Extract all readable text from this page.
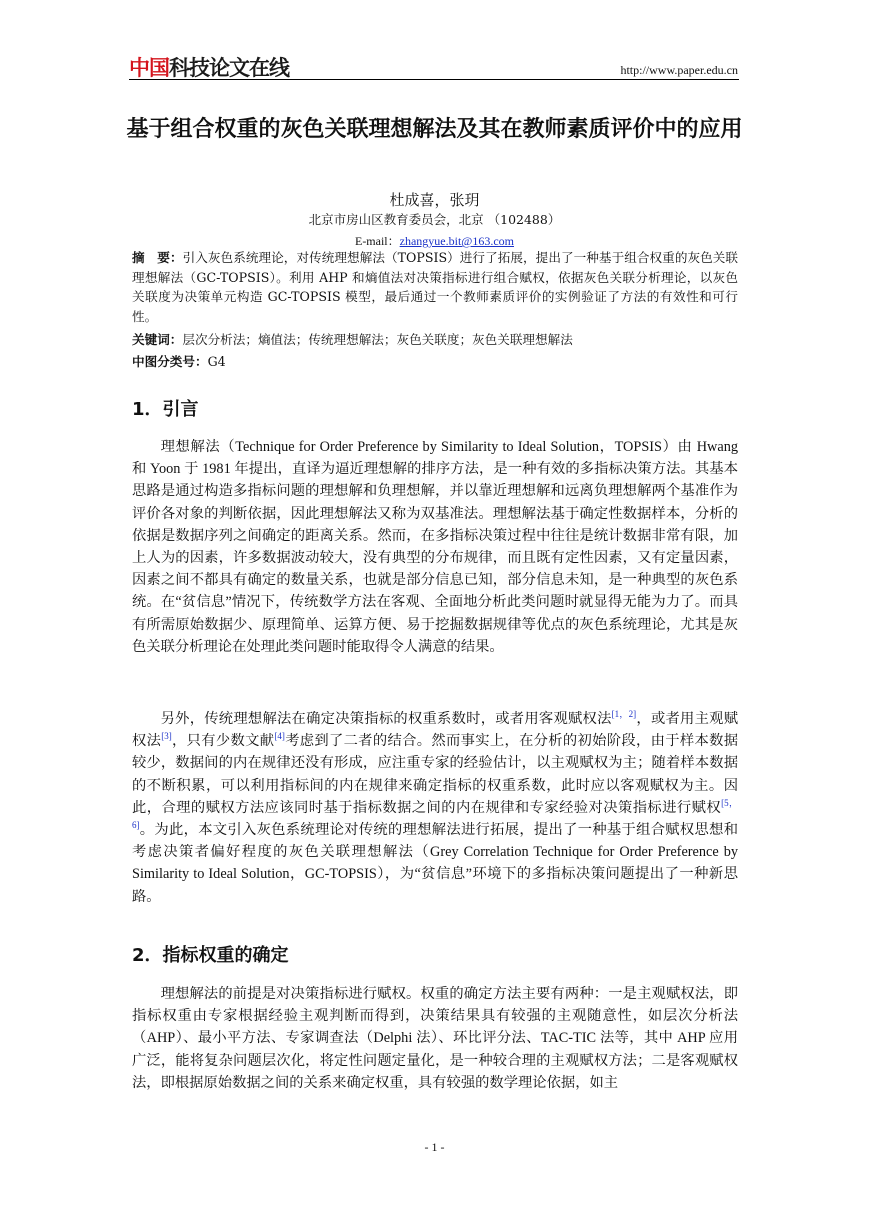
中国科技论文在线	http://www.paper.edu.cn
基于组合权重的灰色关联理想解法及其在教师素质评价中的应用
杜成喜，张玥
北京市房山区教育委员会，北京 （102488）
E-mail：zhangyue.bit@163.com
摘　要：引入灰色系统理论，对传统理想解法（TOPSIS）进行了拓展，提出了一种基于组合权重的灰色关联理想解法（GC-TOPSIS）。利用 AHP 和熵值法对决策指标进行组合赋权，依据灰色关联分析理论，以灰色关联度为决策单元构造 GC-TOPSIS 模型，最后通过一个教师素质评价的实例验证了方法的有效性和可行性。
关键词：层次分析法；熵值法；传统理想解法；灰色关联度；灰色关联理想解法
中图分类号：G4
1．引言
理想解法（Technique for Order Preference by Similarity to Ideal Solution，TOPSIS）由 Hwang 和 Yoon 于 1981 年提出，直译为逼近理想解的排序方法，是一种有效的多指标决策方法。其基本思路是通过构造多指标问题的理想解和负理想解，并以靠近理想解和远离负理想解两个基准作为评价各对象的判断依据，因此理想解法又称为双基准法。理想解法基于确定性数据样本，分析的依据是数据序列之间确定的距离关系。然而，在多指标决策过程中往往是统计数据非常有限，加上人为的因素，许多数据波动较大，没有典型的分布规律，而且既有定性因素，又有定量因素，因素之间不都具有确定的数量关系，也就是部分信息已知，部分信息未知，是一种典型的灰色系统。在“贫信息”情况下，传统数学方法在客观、全面地分析此类问题时就显得无能为力了。而具有所需原始数据少、原理简单、运算方便、易于挖掘数据规律等优点的灰色系统理论，尤其是灰色关联分析理论在处理此类问题时能取得令人满意的结果。
另外，传统理想解法在确定决策指标的权重系数时，或者用客观赋权法[1，2]，或者用主观赋权法[3]，只有少数文献[4]考虑到了二者的结合。然而事实上，在分析的初始阶段，由于样本数据较少，数据间的内在规律还没有形成，应注重专家的经验估计，以主观赋权为主；随着样本数据的不断积累，可以利用指标间的内在规律来确定指标的权重系数，此时应以客观赋权为主。因此，合理的赋权方法应该同时基于指标数据之间的内在规律和专家经验对决策指标进行赋权[5，6]。为此，本文引入灰色系统理论对传统的理想解法进行拓展，提出了一种基于组合赋权思想和考虑决策者偏好程度的灰色关联理想解法（Grey Correlation Technique for Order Preference by Similarity to Ideal Solution，GC-TOPSIS），为“贫信息”环境下的多指标决策问题提出了一种新思路。
2．指标权重的确定
理想解法的前提是对决策指标进行赋权。权重的确定方法主要有两种：一是主观赋权法，即指标权重由专家根据经验主观判断而得到，决策结果具有较强的主观随意性，如层次分析法（AHP）、最小平方法、专家调查法（Delphi 法）、环比评分法、TAC-TIC 法等，其中 AHP 应用广泛，能将复杂问题层次化，将定性问题定量化，是一种较合理的主观赋权方法；二是客观赋权法，即根据原始数据之间的关系来确定权重，具有较强的数学理论依据，如主
- 1 -
